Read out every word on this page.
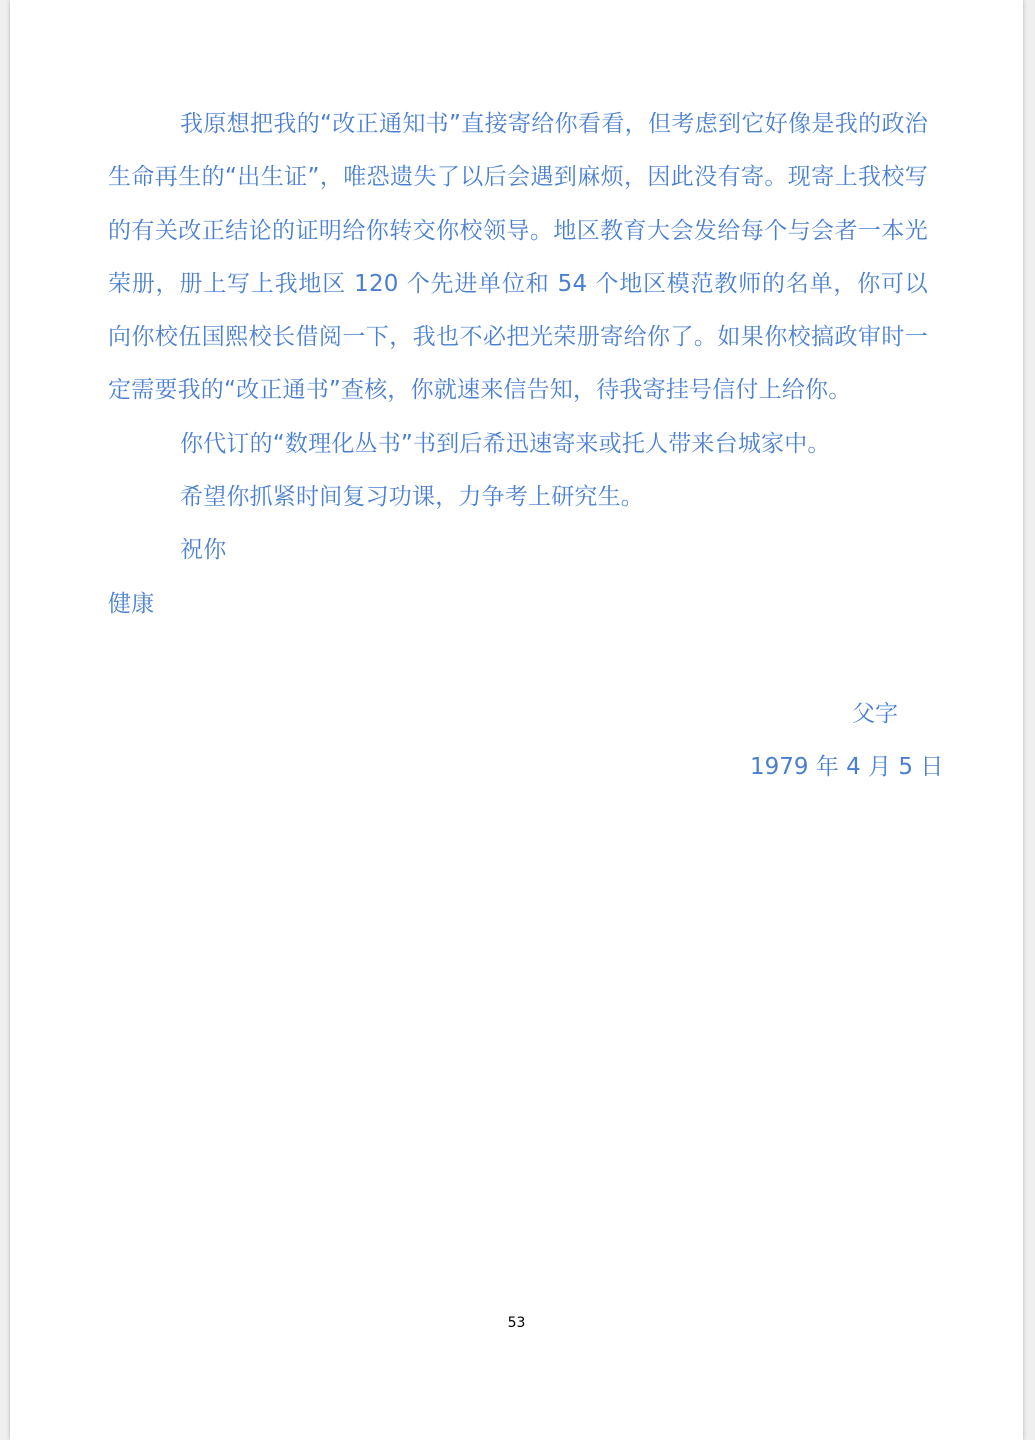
我原想把我的“改正通知书”直接寄给你看看，但考虑到它好像是我的政治生命再生的“出生证”，唯恐遗失了以后会遇到麻烦，因此没有寄。现寄上我校写的有关改正结论的证明给你转交你校领导。地区教育大会发给每个与会者一本光荣册，册上写上我地区 120 个先进单位和 54 个地区模范教师的名单，你可以向你校伍国熙校长借阅一下，我也不必把光荣册寄给你了。如果你校搞政审时一定需要我的“改正通书”查核，你就速来信告知，待我寄挂号信付上给你。

你代订的“数理化丛书”书到后希迅速寄来或托人带来台城家中。

希望你抓紧时间复习功课，力争考上研究生。

祝你

健康

父字
1979 年 4 月 5 日
53
